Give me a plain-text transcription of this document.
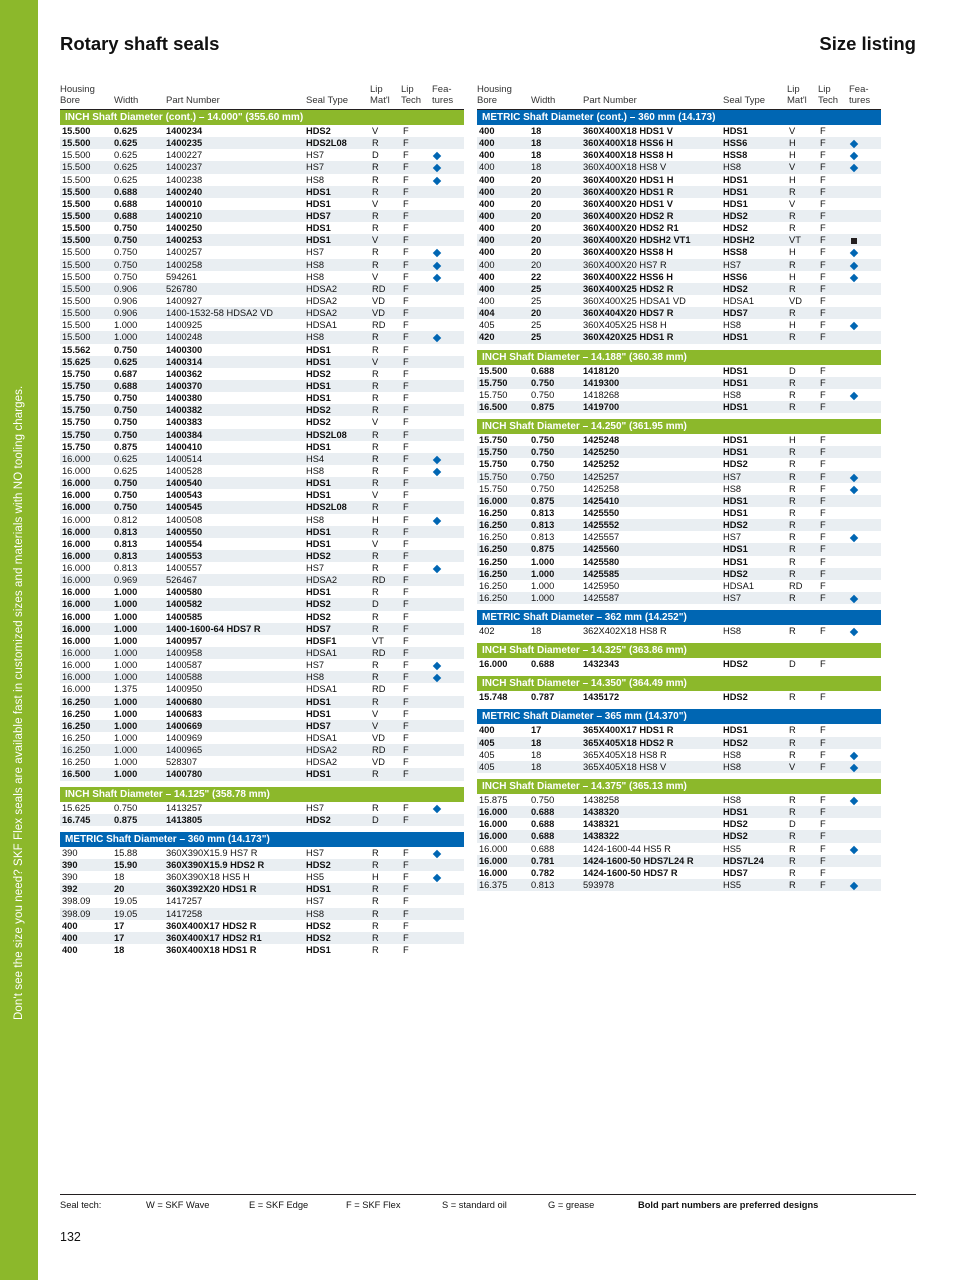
Don't see the size you need? SKF Flex seals are available fast in customized sizes and materials with NO tooling charges.
Rotary shaft seals	Size listing
Housing
Bore	Width	Part Number	Seal Type
Lip
Mat'l
Lip
Tech
Fea-
tures
INCH Shaft Diameter (cont.) – 14.000" (355.60 mm)
15.500	0.625	1400234	HDS2	V	F
15.500	0.625	1400235	HDS2L08	R	F
15.500	0.625	1400227	HS7	D	F
15.500	0.625	1400237	HS7	R	F
15.500	0.625	1400238	HS8	R	F
15.500	0.688	1400240	HDS1	R	F
15.500	0.688	1400010	HDS1	V	F
15.500	0.688	1400210	HDS7	R	F
15.500	0.750	1400250	HDS1	R	F
15.500	0.750	1400253	HDS1	V	F
15.500	0.750	1400257	HS7	R	F
15.500	0.750	1400258	HS8	R	F
15.500	0.750	594261	HS8	V	F
15.500	0.906	526780	HDSA2	RD F
15.500	0.906	1400927	HDSA2	VD F
15.500	0.906	1400-1532-58 HDSA2 VD	HDSA2	VD F
15.500	1.000	1400925	HDSA1	RD F
15.500	1.000	1400248	HS8	R	F
15.562	0.750	1400300	HDS1	R	F
15.625	0.625	1400314	HDS1	V	F
15.750	0.687	1400362	HDS2	R	F
15.750	0.688	1400370	HDS1	R	F
15.750	0.750	1400380	HDS1	R	F
15.750	0.750	1400382	HDS2	R	F
15.750	0.750	1400383	HDS2	V	F
15.750	0.750	1400384	HDS2L08	R	F
15.750	0.875	1400410	HDS1	R	F
16.000	0.625	1400514	HS4	R	F
16.000	0.625	1400528	HS8	R	F
16.000	0.750	1400540	HDS1	R	F
16.000	0.750	1400543	HDS1	V	F
16.000	0.750	1400545	HDS2L08	R	F
16.000	0.812	1400508	HS8	H	F
16.000	0.813	1400550	HDS1	R	F
16.000	0.813	1400554	HDS1	V	F
16.000	0.813	1400553	HDS2	R	F
16.000	0.813	1400557	HS7	R	F
16.000	0.969	526467	HDSA2	RD F
16.000	1.000	1400580	HDS1	R	F
16.000	1.000	1400582	HDS2	D	F
16.000	1.000	1400585	HDS2	R	F
16.000	1.000	1400-1600-64 HDS7 R	HDS7	R	F
16.000	1.000	1400957	HDSF1	VT F
16.000	1.000	1400958	HDSA1	RD F
16.000	1.000	1400587	HS7	R	F
16.000	1.000	1400588	HS8	R	F
16.000	1.375	1400950	HDSA1	RD F
16.250	1.000	1400680	HDS1	R	F
16.250	1.000	1400683	HDS1	V	F
16.250	1.000	1400669	HDS7	V	F
16.250	1.000	1400969	HDSA1	VD F
16.250	1.000	1400965	HDSA2	RD F
16.250	1.000	528307	HDSA2	VD F
16.500	1.000	1400780	HDS1	R	F
INCH Shaft Diameter – 14.125" (358.78 mm)
15.625	0.750	1413257	HS7	R	F
16.745	0.875	1413805	HDS2	D	F
METRIC Shaft Diameter – 360 mm (14.173")
390	15.88	360X390X15.9 HS7 R	HS7	R	F
390	15.90	360X390X15.9 HDS2 R	HDS2	R	F
390	18	360X390X18 HS5 H	HS5	H	F
392	20	360X392X20 HDS1 R	HDS1	R	F
398.09	19.05	1417257	HS7	R	F
398.09	19.05	1417258	HS8	R	F
400	17	360X400X17 HDS2 R	HDS2	R	F
400	17	360X400X17 HDS2 R1	HDS2	R	F
400	18	360X400X18 HDS1 R	HDS1	R	F
Housing
Bore	Width	Part Number	Seal Type
Lip
Mat'l
Lip
Tech
Fea-
tures
METRIC Shaft Diameter (cont.) – 360 mm (14.173)
400	18	360X400X18 HDS1 V	HDS1	V	F
400	18	360X400X18 HSS6 H	HSS6	H	F
400	18	360X400X18 HSS8 H	HSS8	H	F
400	18	360X400X18 HS8 V	HS8	V	F
400	20	360X400X20 HDS1 H	HDS1	H	F
400	20	360X400X20 HDS1 R	HDS1	R	F
400	20	360X400X20 HDS1 V	HDS1	V	F
400	20	360X400X20 HDS2 R	HDS2	R	F
400	20	360X400X20 HDS2 R1	HDS2	R	F
400	20	360X400X20 HDSH2 VT1	HDSH2	VT F
400	20	360X400X20 HSS8 H	HSS8	H	F
400	20	360X400X20 HS7 R	HS7	R	F
400	22	360X400X22 HSS6 H	HSS6	H	F
400	25	360X400X25 HDS2 R	HDS2	R	F
400	25	360X400X25 HDSA1 VD	HDSA1	VD F
404	20	360X404X20 HDS7 R	HDS7	R	F
405	25	360X405X25 HS8 H	HS8	H	F
420	25	360X420X25 HDS1 R	HDS1	R	F
INCH Shaft Diameter – 14.188" (360.38 mm)
15.500	0.688	1418120	HDS1	D	F
15.750	0.750	1419300	HDS1	R	F
15.750	0.750	1418268	HS8	R	F
16.500	0.875	1419700	HDS1	R	F
INCH Shaft Diameter – 14.250" (361.95 mm)
15.750	0.750	1425248	HDS1	H	F
15.750	0.750	1425250	HDS1	R	F
15.750	0.750	1425252	HDS2	R	F
15.750	0.750	1425257	HS7	R	F
15.750	0.750	1425258	HS8	R	F
16.000	0.875	1425410	HDS1	R	F
16.250	0.813	1425550	HDS1	R	F
16.250	0.813	1425552	HDS2	R	F
16.250	0.813	1425557	HS7	R	F
16.250	0.875	1425560	HDS1	R	F
16.250	1.000	1425580	HDS1	R	F
16.250	1.000	1425585	HDS2	R	F
16.250	1.000	1425950	HDSA1	RD F
16.250	1.000	1425587	HS7	R	F
METRIC Shaft Diameter – 362 mm (14.252")
402	18	362X402X18 HS8 R	HS8	R	F
INCH Shaft Diameter – 14.325" (363.86 mm)
16.000	0.688	1432343	HDS2	D	F
INCH Shaft Diameter – 14.350" (364.49 mm)
15.748	0.787	1435172	HDS2	R	F
METRIC Shaft Diameter – 365 mm (14.370")
400	17	365X400X17 HDS1 R	HDS1	R	F
405	18	365X405X18 HDS2 R	HDS2	R	F
405	18	365X405X18 HS8 R	HS8	R	F
405	18	365X405X18 HS8 V	HS8	V	F
INCH Shaft Diameter – 14.375" (365.13 mm)
15.875	0.750	1438258	HS8	R	F
16.000	0.688	1438320	HDS1	R	F
16.000	0.688	1438321	HDS2	D	F
16.000	0.688	1438322	HDS2	R	F
16.000	0.688	1424-1600-44 HS5 R	HS5	R	F
16.000	0.781	1424-1600-50 HDS7L24 R	HDS7L24	R	F
16.000	0.782	1424-1600-50 HDS7 R	HDS7	R	F
16.375	0.813	593978	HS5	R	F
Seal tech:	W = SKF Wave	E = SKF Edge	F = SKF Flex	S = standard oil	G = grease	Bold part numbers are preferred designs
132
